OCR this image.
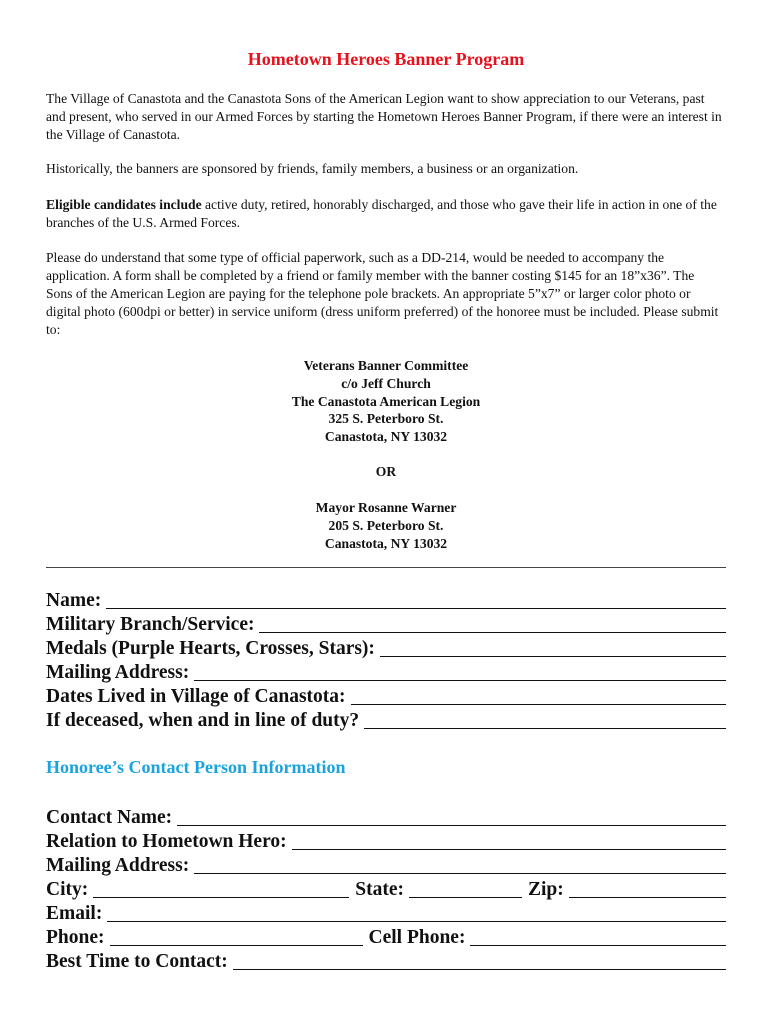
Hometown Heroes Banner Program

The Village of Canastota and the Canastota Sons of the American Legion want to show appreciation to our Veterans, past and present, who served in our Armed Forces by starting the Hometown Heroes Banner Program, if there were an interest in the Village of Canastota.

Historically, the banners are sponsored by friends, family members, a business or an organization.

Eligible candidates include active duty, retired, honorably discharged, and those who gave their life in action in one of the branches of the U.S. Armed Forces.

Please do understand that some type of official paperwork, such as a DD-214, would be needed to accompany the application. A form shall be completed by a friend or family member with the banner costing $145 for an 18”x36”. The Sons of the American Legion are paying for the telephone pole brackets. An appropriate 5”x7” or larger color photo or digital photo (600dpi or better) in service uniform (dress uniform preferred) of the honoree must be included. Please submit to:

Veterans Banner Committee
c/o Jeff Church
The Canastota American Legion
325 S. Peterboro St.
Canastota, NY 13032
OR
Mayor Rosanne Warner
205 S. Peterboro St.
Canastota, NY 13032
Name:
Military Branch/Service:
Medals (Purple Hearts, Crosses, Stars):
Mailing Address:
Dates Lived in Village of Canastota:
If deceased, when and in line of duty?
Honoree’s Contact Person Information
Contact Name:
Relation to Hometown Hero:
Mailing Address:
City:	State:	Zip:
Email:
Phone:	Cell Phone:
Best Time to Contact:
